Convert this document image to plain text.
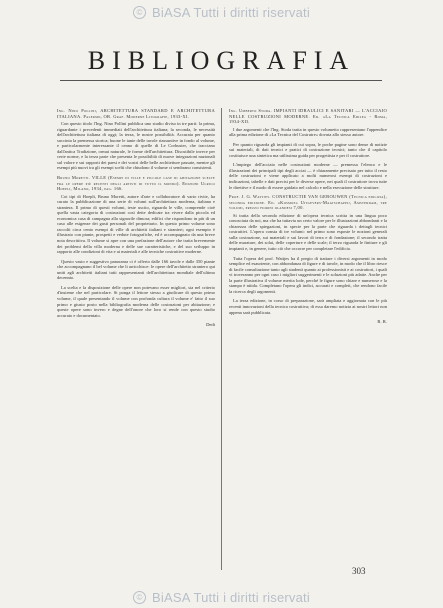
© BiASA Tutti i diritti riservati
BIBLIOGRAFIA

Ing. Nino Pollini, ARCHITETTURA STANDARD E ARCHITETTURA ITALIANA. Palermo, OR. Graf. Moderne Litografie, 1933-XI.

Con questo titolo l'Ing. Nino Pollini pubblica uno studio diviso in tre parti: la prima, riguardante i precedenti immediati dell'architettura italiana; la seconda, le necessità dell'architettura italiana di oggi; la terza, le nostre possibilità. Accurata per quanto succinta la premessa storica; buone le tante delle tavole riassuntive in fondo al volume, e particolarmente interessante il cenno di quelle di Le Corbusier, che tracciano dall'antica Tradizione, ormai naturale, le forme dell'architettura. Discutibile invece per certe norme, e la terza parte che presenta le possibilità di nuove integrazioni nazionali sul valore e sui rapporti dei paesi e dei vostri delle belle architetture passate, mentre gli esempi più nuovi tra gli esempi scelti che chiudono il volume ci sembrano consistenti.

Bruno Moretti. VILLE (Esempi di ville e piccole case di abitazione scelte fra le opere più recenti degli artisti di tutto il mondo). Edizioni Ulrico Hoepli, Milano, 1934, pag. 166.

Coi tipi di Hoepli, Bruno Moretti, autore d'arte e collaboratore di vario rivite, ha curato la pubblicazione di una serie di volumi sull'architettura moderna, italiana e straniera. Il primo di questi volumi, teste uscito, riguarda le ville, comprende cioè quella vasta categoria di costruzioni così dette dedicate tra vivere dalla piccola ed economica casa di campagna alla signorile dimora; edifici che rispondono in più di un caso alle esigenze dei gusti personali del proprietario. In questo primo volume sono raccolti circa cento esempi di ville di architetti italiani e stranieri; ogni esempio è illustrato con piante, prospetti e vedute fotografiche, ed è accompagnato da una breve nota descrittiva. Il volume si apre con una prefazione dell'autore che tratta brevemente dei problemi della villa moderna e delle sue caratteristiche, e del suo sviluppo in rapporto alle condizioni di vita e ai materiali e alle tecniche costruttive moderne.

Questo vasto e suggestivo panorama ci è offerto dalle 166 tavole e dalle 350 piante che accompagnano il bel volume che li arricchisce: le opere dell'architetto straniero qui uniti agli architetti italiani tutti rappresentanti dell'architettura mondiale dell'ultimo decennio.

La scelta e la disposizione delle opere non potevano esser migliori, sia nel criterio d'insieme che nel particolare. Si ponga il lettore stesso a giudicare di questo primo volume, il quale presentando il volume con profonda cultura il volume e' fatto il suo primo e giusto posto nella bibliografia moderna delle costruzioni per abitazione; e queste opere sono invero e degne dell'onore che loro si rende con questo studio accurato e documentato.

Dedi

Ing. Umberto Stoda. IMPIANTI IDRAULICI E SANITARI — L'ACCIAIO NELLE COSTRUZIONI MODERNE. Ed. «La Tecnica Edile» - Roma, 1934-XII.

I due argomenti che l'Ing. Stoda tratta in questo volumetto rappresentano l'appendice alla prima edizione di «La Tecnica del Costruire» dovuta allo stesso autore.

Per quanto riguarda gli impianti di cui sopra, le poche pagine sono dense di notizie sui materiali, di dati tecnici e pratici di costruzione tecnici; tanto che il capitolo costituisce una sintetica ma utilissima guida per progettista e per il costruttore.

L'impiego dell'acciaio nelle costruzioni moderne — premessa l'elenco e le illustrazioni dei principali tipi degli acciai — è chiaramente precisato per tutto il resto delle costruzioni e viene applicato a molti numerosi esempi di costruzioni e indicazioni, tabelle e dati precisi per le diverse opere, nei quali il costruttore trova tutte le direttive e il modo di essere guidato nel calcolo e nella esecuzione delle strutture.

Prof. J. G. Wattjes. CONSTRUCTIE VAN GEBOUWEN (Tecnica edilizia), seconda edizione. Ed. «Kosmos» Uitgevers-Maatschappij, Amsterdam, tre volumi, prezzo fiorini olandesi 7,00.

Si tratta della seconda edizione di un'opera tecnica scritta in una lingua poco conosciuta da noi, ma che ha tuttavia un certo valore per le illustrazioni abbondanti e la chiarezza delle spiegazioni, in specie per la parte che riguarda i dettagli tecnici costruttivi. L'opera consta di tre volumi: nel primo sono esposte le nozioni generali sulla costruzione, sui materiali e sui lavori di terra e di fondazione; il secondo tratta delle murature, dei solai, delle coperture e delle scale; il terzo riguarda le finiture e gli impianti e, in genere, tutto ciò che occorre per completare l'edificio.

Tutta l'opera del prof. Wattjes ha il pregio di trattare i diversi argomenti in modo semplice ed esauriente, con abbondanza di figure e di tavole, in modo che il libro riesce di facile consultazione tanto agli studenti quanto ai professionisti e ai costruttori, i quali vi troveranno per ogni caso i migliori suggerimenti e le soluzioni più adatte. Anche per la parte illustrativa il volume merita lode, perché le figure sono chiare e numerose e la stampa è nitida. Completano l'opera gli indici, accurati e completi, che rendono facile la ricerca degli argomenti.

La terza edizione, in corso di preparazione, sarà ampliata e aggiornata con le più recenti innovazioni della tecnica costruttiva; di essa daremo notizia ai nostri lettori non appena sarà pubblicata.

R. R.

303
© BiASA Tutti i diritti riservati
